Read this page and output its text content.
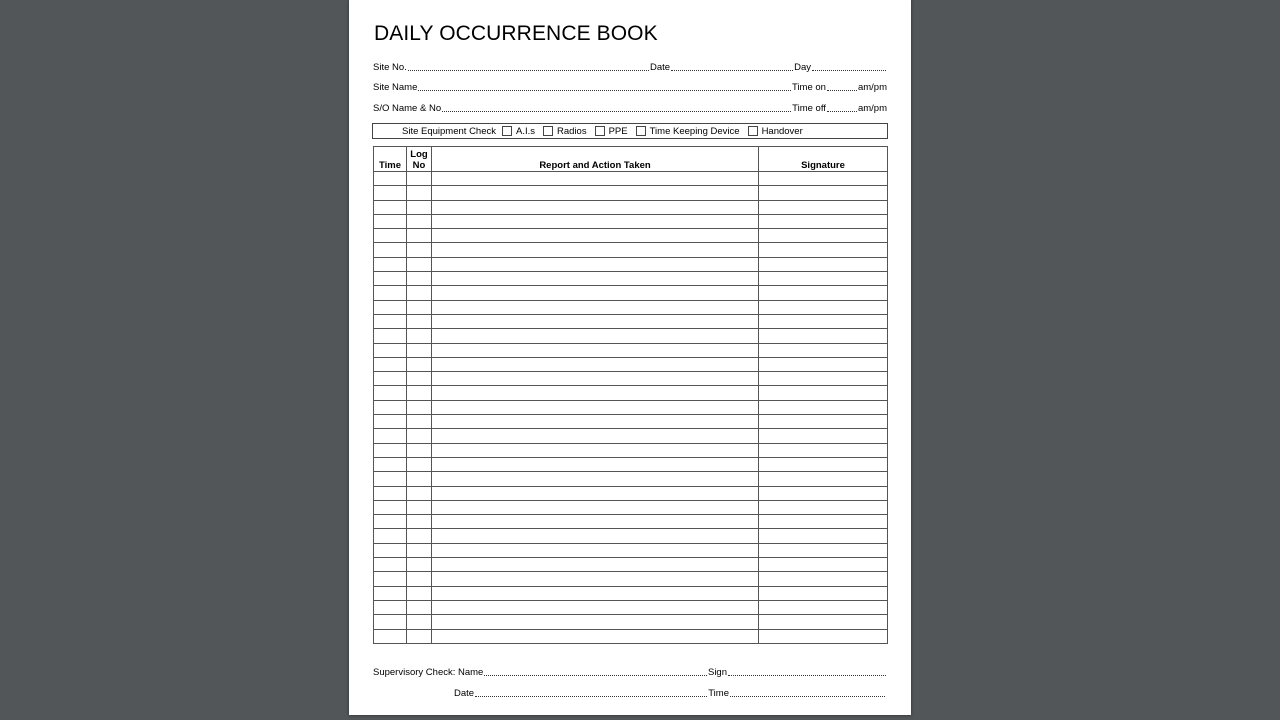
DAILY OCCURRENCE BOOK
Site No.	Date	Day
Site Name	Time on	am/pm
S/O Name & No	Time off	am/pm
Site Equipment Check A.I.s Radios PPE Time Keeping Device Handover
Time	Log No	Report and Action Taken	Signature

Supervisory Check: Name	Sign
Date	Time
